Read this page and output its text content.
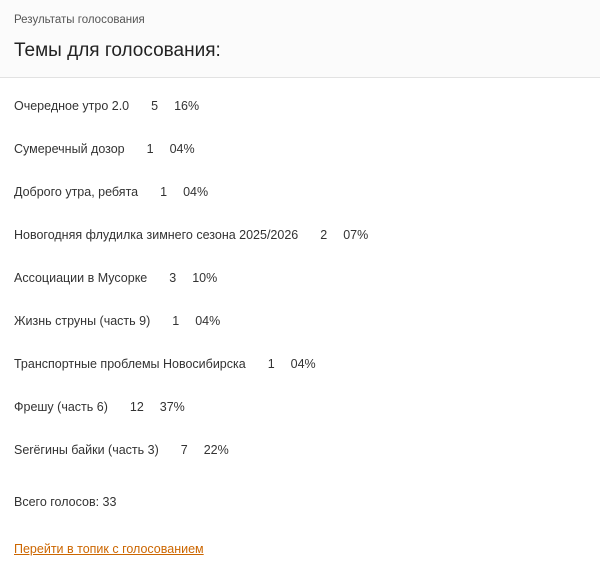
Результаты голосования
Темы для голосования:
Очередное утро 2.0 5 16%
Сумеречный дозор 1 04%
Доброго утра, ребята 1 04%
Новогодняя флудилка зимнего сезона 2025/2026 2 07%
Ассоциации в Мусорке 3 10%
Жизнь струны (часть 9) 1 04%
Транспортные проблемы Новосибирска 1 04%
Фрешу (часть 6) 12 37%
Serёгины байки (часть 3) 7 22%
Всего голосов: 33
Перейти в топик с голосованием
